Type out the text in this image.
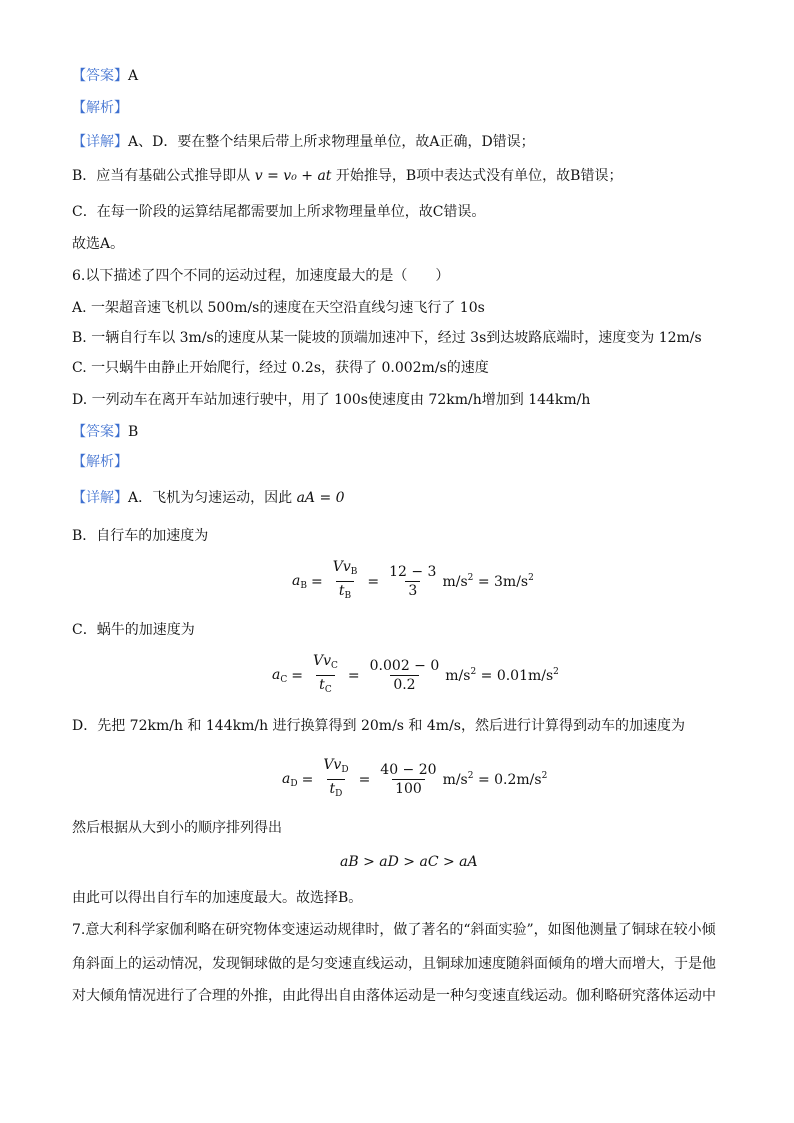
【答案】A
【解析】
【详解】A、D．要在整个结果后带上所求物理量单位，故A正确，D错误；
B．应当有基础公式推导即从 v = v₀ + at 开始推导，B项中表达式没有单位，故B错误；
C．在每一阶段的运算结尾都需要加上所求物理量单位，故C错误。
故选A。
6.以下描述了四个不同的运动过程，加速度最大的是（　　）
A. 一架超音速飞机以 500m/s的速度在天空沿直线匀速飞行了 10s
B. 一辆自行车以 3m/s的速度从某一陡坡的顶端加速冲下，经过 3s到达坡路底端时，速度变为 12m/s
C. 一只蜗牛由静止开始爬行，经过 0.2s，获得了 0.002m/s的速度
D. 一列动车在离开车站加速行驶中，用了 100s使速度由 72km/h增加到 144km/h
【答案】B
【解析】
【详解】A．飞机为匀速运动，因此 aA = 0
B．自行车的加速度为
$a_B = \frac{Vv_B}{t_B} = \frac{12 - 3}{3} m/s^2 = 3m/s^2$
C．蜗牛的加速度为
$a_C = \frac{Vv_C}{t_C} = \frac{0.002 - 0}{0.2} m/s^2 = 0.01m/s^2$
D．先把 72km/h 和 144km/h 进行换算得到 20m/s 和 4m/s，然后进行计算得到动车的加速度为
$a_D = \frac{Vv_D}{t_D} = \frac{40 - 20}{100} m/s^2 = 0.2m/s^2$
然后根据从大到小的顺序排列得出
aB > aD > aC > aA
由此可以得出自行车的加速度最大。故选择B。
7.意大利科学家伽利略在研究物体变速运动规律时，做了著名的“斜面实验”，如图他测量了铜球在较小倾
角斜面上的运动情况，发现铜球做的是匀变速直线运动，且铜球加速度随斜面倾角的增大而增大，于是他
对大倾角情况进行了合理的外推，由此得出自由落体运动是一种匀变速直线运动。伽利略研究落体运动中
